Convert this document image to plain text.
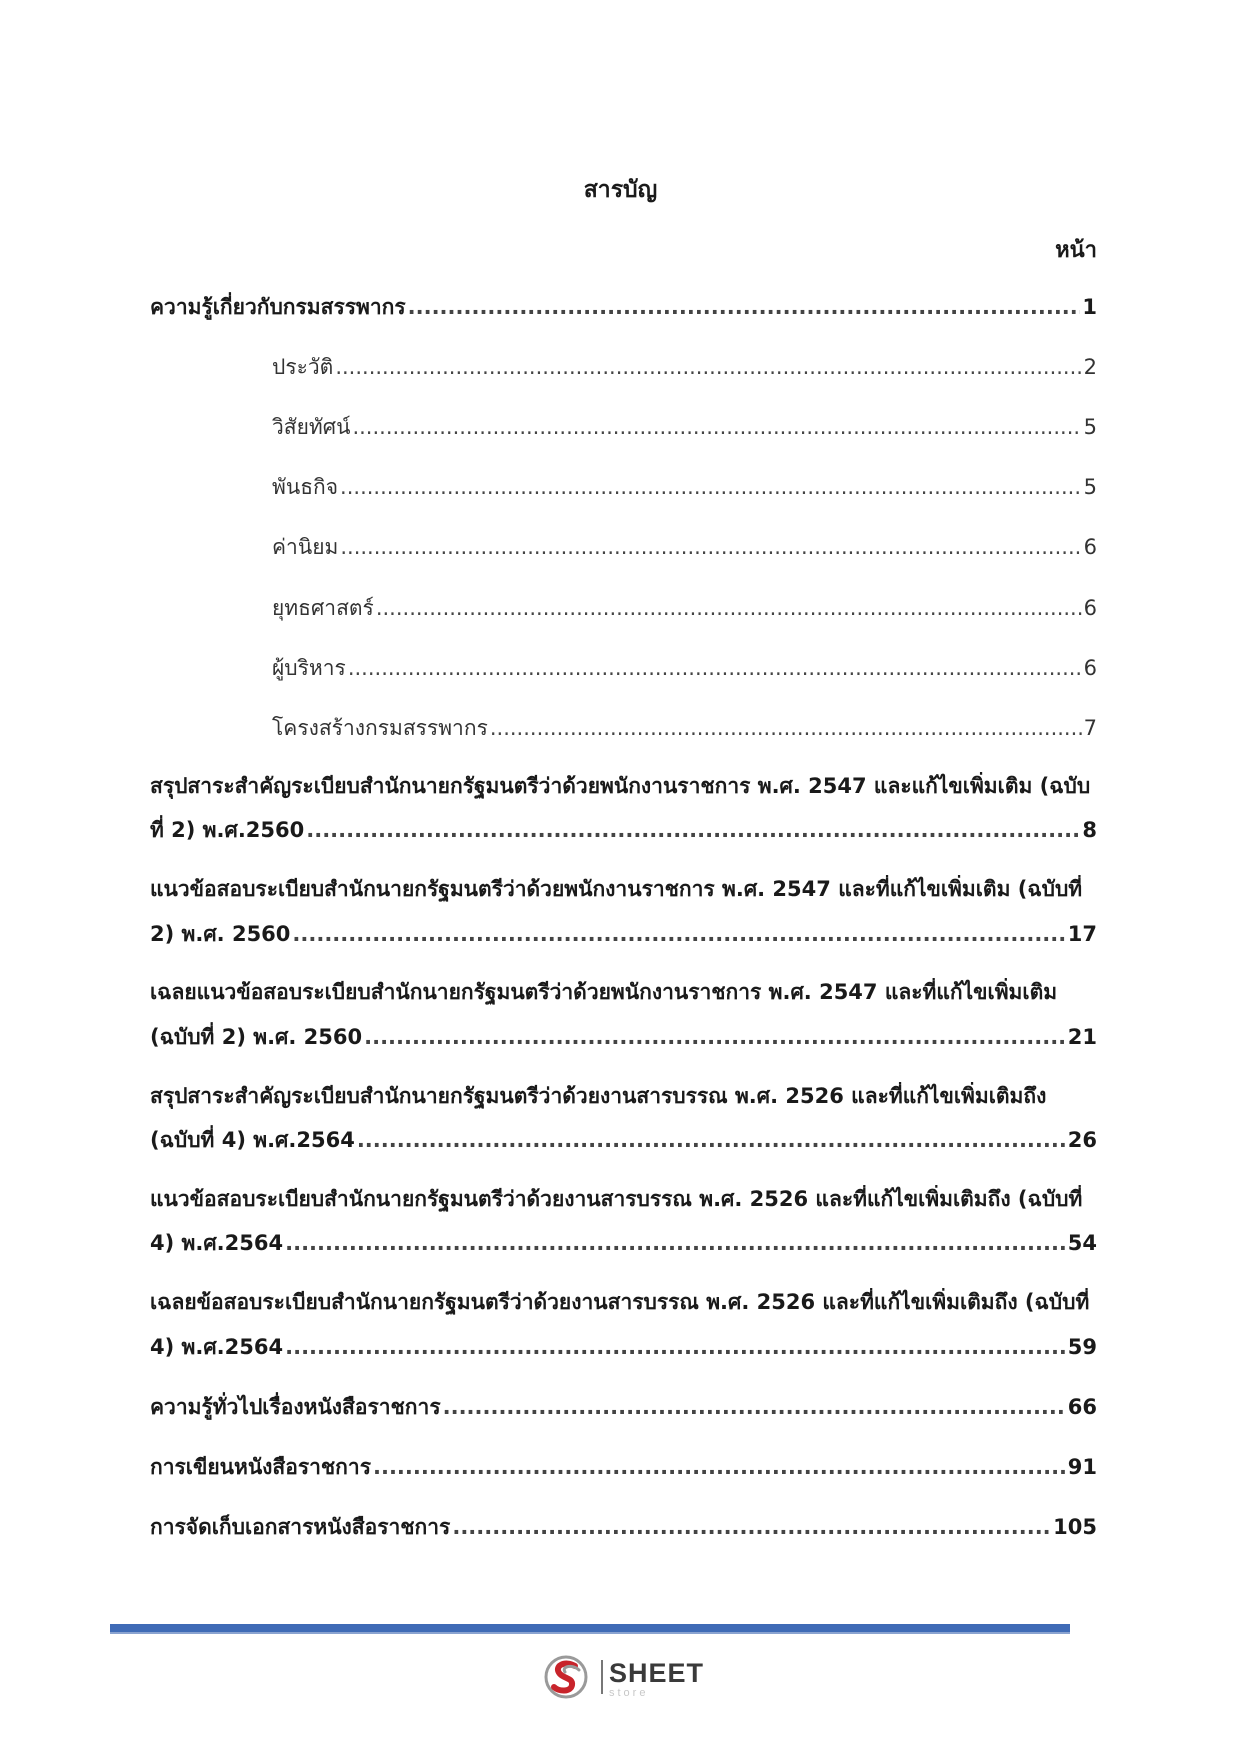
สารบัญ
หน้า
ความรู้เกี่ยวกับกรมสรรพากร .....	1
ประวัติ .....	2
วิสัยทัศน์ .....	5
พันธกิจ .....	5
ค่านิยม .....	6
ยุทธศาสตร์ .....	6
ผู้บริหาร .....	6
โครงสร้างกรมสรรพากร .....	7
สรุปสาระสำคัญระเบียบสำนักนายกรัฐมนตรีว่าด้วยพนักงานราชการ พ.ศ. 2547 และแก้ไขเพิ่มเติม (ฉบับ
ที่ 2) พ.ศ.2560 .....	8
แนวข้อสอบระเบียบสำนักนายกรัฐมนตรีว่าด้วยพนักงานราชการ พ.ศ. 2547 และที่แก้ไขเพิ่มเติม (ฉบับที่
2) พ.ศ. 2560 .....	17
เฉลยแนวข้อสอบระเบียบสำนักนายกรัฐมนตรีว่าด้วยพนักงานราชการ พ.ศ. 2547 และที่แก้ไขเพิ่มเติม
(ฉบับที่ 2) พ.ศ. 2560 .....	21
สรุปสาระสำคัญระเบียบสำนักนายกรัฐมนตรีว่าด้วยงานสารบรรณ พ.ศ. 2526 และที่แก้ไขเพิ่มเติมถึง
(ฉบับที่ 4) พ.ศ.2564 .....	26
แนวข้อสอบระเบียบสำนักนายกรัฐมนตรีว่าด้วยงานสารบรรณ พ.ศ. 2526 และที่แก้ไขเพิ่มเติมถึง (ฉบับที่
4) พ.ศ.2564 .....	54
เฉลยข้อสอบระเบียบสำนักนายกรัฐมนตรีว่าด้วยงานสารบรรณ พ.ศ. 2526 และที่แก้ไขเพิ่มเติมถึง (ฉบับที่
4) พ.ศ.2564 .....	59
ความรู้ทั่วไปเรื่องหนังสือราชการ .....	66
การเขียนหนังสือราชการ .....	91
การจัดเก็บเอกสารหนังสือราชการ .....	105
SHEET
store
